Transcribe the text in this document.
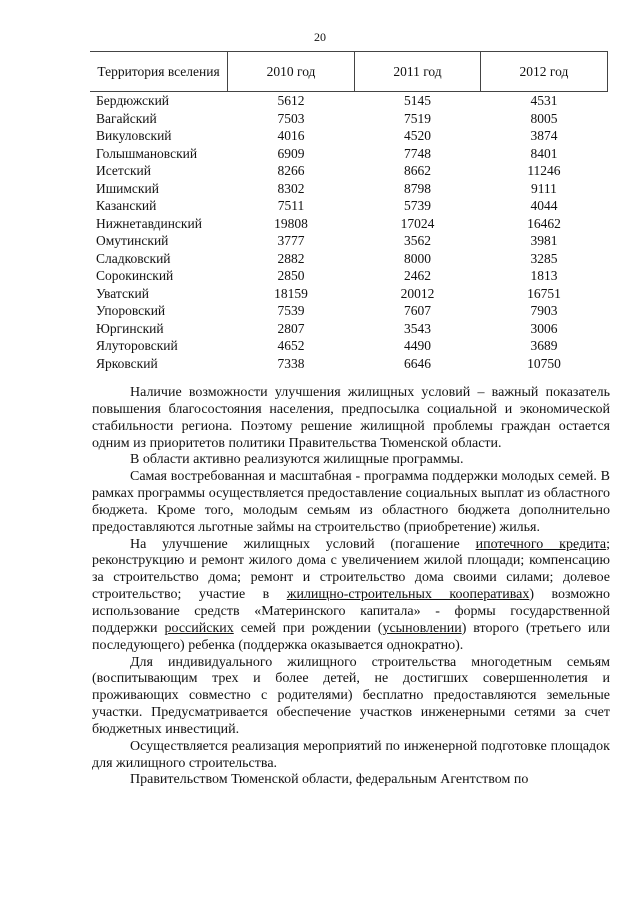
20
Территория вселения	2010 год	2011 год	2012 год
Бердюжский	5612	5145	4531
Вагайский	7503	7519	8005
Викуловский	4016	4520	3874
Голышмановский	6909	7748	8401
Исетский	8266	8662	11246
Ишимский	8302	8798	9111
Казанский	7511	5739	4044
Нижнетавдинский	19808	17024	16462
Омутинский	3777	3562	3981
Сладковский	2882	8000	3285
Сорокинский	2850	2462	1813
Уватский	18159	20012	16751
Упоровский	7539	7607	7903
Юргинский	2807	3543	3006
Ялуторовский	4652	4490	3689
Ярковский	7338	6646	10750

Наличие возможности улучшения жилищных условий – важный показатель повышения благосостояния населения, предпосылка социальной и экономической стабильности региона. Поэтому решение жилищной проблемы граждан остается одним из приоритетов политики Правительства Тюменской области.

В области активно реализуются жилищные программы.

Самая востребованная и масштабная - программа поддержки молодых семей. В рамках программы осуществляется предоставление социальных выплат из областного бюджета. Кроме того, молодым семьям из областного бюджета дополнительно предоставляются льготные займы на строительство (приобретение) жилья.

На улучшение жилищных условий (погашение ипотечного кредита; реконструкцию и ремонт жилого дома с увеличением жилой площади; компенсацию за строительство дома; ремонт и строительство дома своими силами; долевое строительство; участие в жилищно-строительных кооперативах) возможно использование средств «Материнского капитала» - формы государственной поддержки российских семей при рождении (усыновлении) второго (третьего или последующего) ребенка (поддержка оказывается однократно).

Для индивидуального жилищного строительства многодетным семьям (воспитывающим трех и более детей, не достигших совершеннолетия и проживающих совместно с родителями) бесплатно предоставляются земельные участки. Предусматривается обеспечение участков инженерными сетями за счет бюджетных инвестиций.

Осуществляется реализация мероприятий по инженерной подготовке площадок для жилищного строительства.

Правительством Тюменской области, федеральным Агентством по
